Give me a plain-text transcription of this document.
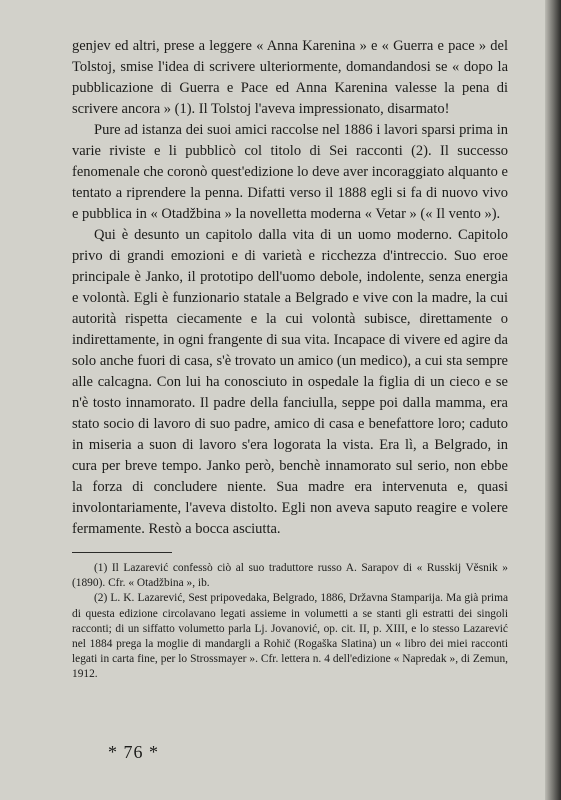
genjev ed altri, prese a leggere « Anna Karenina » e « Guerra e pace » del Tolstoj, smise l'idea di scrivere ulteriormente, domandandosi se « dopo la pubblicazione di Guerra e Pace ed Anna Karenina valesse la pena di scrivere ancora » (1). Il Tolstoj l'aveva impressionato, disarmato!

Pure ad istanza dei suoi amici raccolse nel 1886 i lavori sparsi prima in varie riviste e li pubblicò col titolo di Sei racconti (2). Il successo fenomenale che coronò quest'edizione lo deve aver incoraggiato alquanto e tentato a riprendere la penna. Difatti verso il 1888 egli si fa di nuovo vivo e pubblica in « Otadžbina » la novelletta moderna « Vetar » (« Il vento »).

Qui è desunto un capitolo dalla vita di un uomo moderno. Capitolo privo di grandi emozioni e di varietà e ricchezza d'intreccio. Suo eroe principale è Janko, il prototipo dell'uomo debole, indolente, senza energia e volontà. Egli è funzionario statale a Belgrado e vive con la madre, la cui autorità rispetta ciecamente e la cui volontà subisce, direttamente o indirettamente, in ogni frangente di sua vita. Incapace di vivere ed agire da solo anche fuori di casa, s'è trovato un amico (un medico), a cui sta sempre alle calcagna. Con lui ha conosciuto in ospedale la figlia di un cieco e se n'è tosto innamorato. Il padre della fanciulla, seppe poi dalla mamma, era stato socio di lavoro di suo padre, amico di casa e benefattore loro; caduto in miseria a suon di lavoro s'era logorata la vista. Era lì, a Belgrado, in cura per breve tempo. Janko però, benchè innamorato sul serio, non ebbe la forza di concludere niente. Sua madre era intervenuta e, quasi involontariamente, l'aveva distolto. Egli non aveva saputo reagire e volere fermamente. Restò a bocca asciutta.

(1) Il Lazarević confessò ciò al suo traduttore russo A. Sarapov di « Russkij Věsnik » (1890). Cfr. « Otadžbina », ib.

(2) L. K. Lazarević, Sest pripovedaka, Belgrado, 1886, Državna Stamparija. Ma già prima di questa edizione circolavano legati assieme in volumetti a se stanti gli estratti dei singoli racconti; di un siffatto volumetto parla Lj. Jovanović, op. cit. II, p. XIII, e lo stesso Lazarević nel 1884 prega la moglie di mandargli a Rohič (Rogaška Slatina) un « libro dei miei racconti legati in carta fine, per lo Strossmayer ». Cfr. lettera n. 4 dell'edizione « Napredak », di Zemun, 1912.

* 76 *
